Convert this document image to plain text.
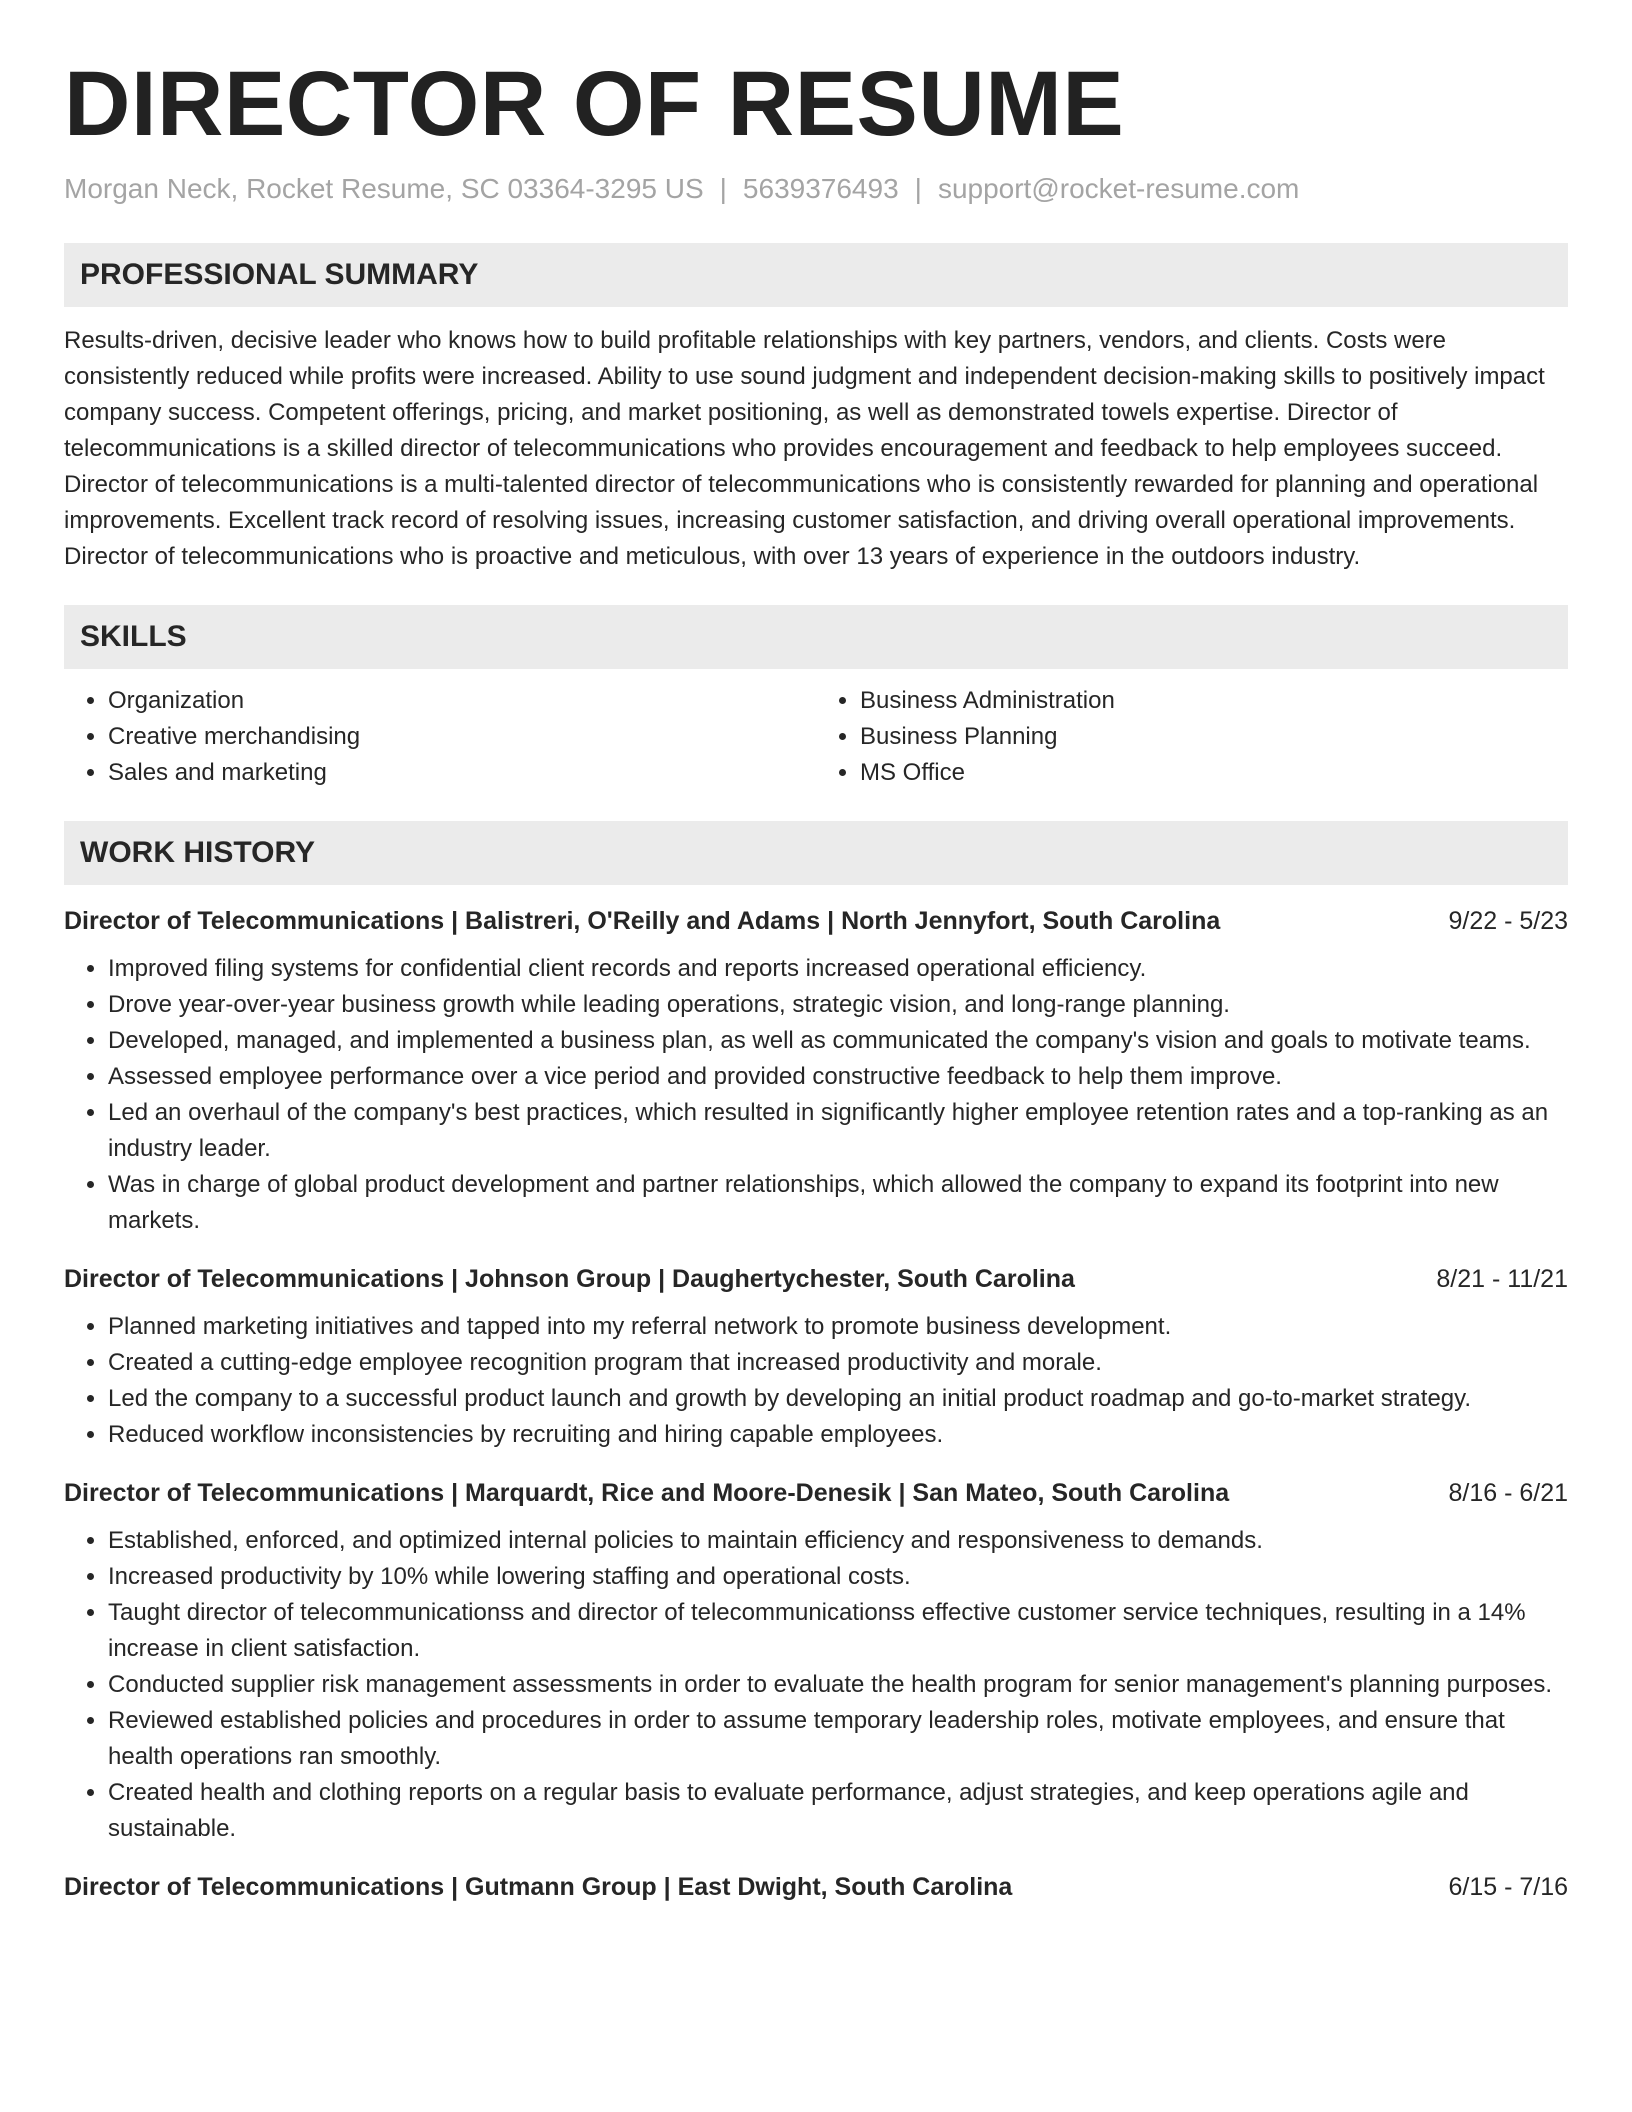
DIRECTOR OF RESUME
Morgan Neck, Rocket Resume, SC 03364-3295 US | 5639376493 | support@rocket-resume.com
PROFESSIONAL SUMMARY

Results-driven, decisive leader who knows how to build profitable relationships with key partners, vendors, and clients. Costs were consistently reduced while profits were increased. Ability to use sound judgment and independent decision-making skills to positively impact company success. Competent offerings, pricing, and market positioning, as well as demonstrated towels expertise. Director of telecommunications is a skilled director of telecommunications who provides encouragement and feedback to help employees succeed. Director of telecommunications is a multi-talented director of telecommunications who is consistently rewarded for planning and operational improvements. Excellent track record of resolving issues, increasing customer satisfaction, and driving overall operational improvements. Director of telecommunications who is proactive and meticulous, with over 13 years of experience in the outdoors industry.

SKILLS
• Organization
• Creative merchandising
• Sales and marketing
• Business Administration
• Business Planning
• MS Office
WORK HISTORY
Director of Telecommunications | Balistreri, O'Reilly and Adams | North Jennyfort, South Carolina	9/22 - 5/23
• Improved filing systems for confidential client records and reports increased operational efficiency.
• Drove year-over-year business growth while leading operations, strategic vision, and long-range planning.
• Developed, managed, and implemented a business plan, as well as communicated the company's vision and goals to motivate teams.
• Assessed employee performance over a vice period and provided constructive feedback to help them improve.
• Led an overhaul of the company's best practices, which resulted in significantly higher employee retention rates and a top-ranking as an industry leader.
• Was in charge of global product development and partner relationships, which allowed the company to expand its footprint into new markets.
Director of Telecommunications | Johnson Group | Daughertychester, South Carolina	8/21 - 11/21
• Planned marketing initiatives and tapped into my referral network to promote business development.
• Created a cutting-edge employee recognition program that increased productivity and morale.
• Led the company to a successful product launch and growth by developing an initial product roadmap and go-to-market strategy.
• Reduced workflow inconsistencies by recruiting and hiring capable employees.
Director of Telecommunications | Marquardt, Rice and Moore-Denesik | San Mateo, South Carolina	8/16 - 6/21
• Established, enforced, and optimized internal policies to maintain efficiency and responsiveness to demands.
• Increased productivity by 10% while lowering staffing and operational costs.
• Taught director of telecommunicationss and director of telecommunicationss effective customer service techniques, resulting in a 14% increase in client satisfaction.
• Conducted supplier risk management assessments in order to evaluate the health program for senior management's planning purposes.
• Reviewed established policies and procedures in order to assume temporary leadership roles, motivate employees, and ensure that health operations ran smoothly.
• Created health and clothing reports on a regular basis to evaluate performance, adjust strategies, and keep operations agile and sustainable.
Director of Telecommunications | Gutmann Group | East Dwight, South Carolina	6/15 - 7/16
